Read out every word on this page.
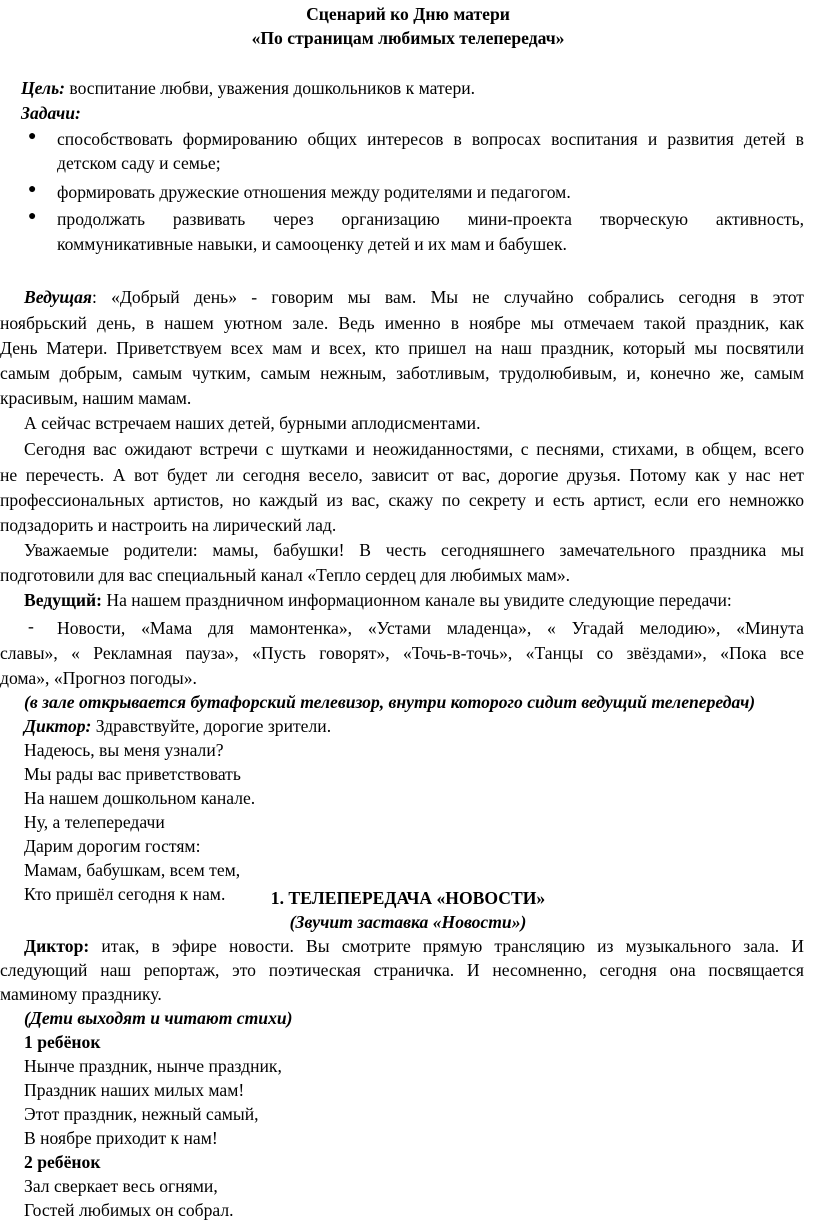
Сценарий ко Дню матери
«По страницам любимых телепередач»
Цель: воспитание любви, уважения дошкольников к матери.
Задачи:
● способствовать формированию общих интересов в вопросах воспитания и развития детей в
детском саду и семье;
● формировать дружеские отношения между родителями и педагогом.
● продолжать развивать через организацию мини-проекта творческую активность,
коммуникативные навыки, и самооценку детей и их мам и бабушек.
Ведущая: «Добрый день» - говорим мы вам. Мы не случайно собрались сегодня в этот
ноябрьский день, в нашем уютном зале. Ведь именно в ноябре мы отмечаем такой праздник, как
День Матери. Приветствуем всех мам и всех, кто пришел на наш праздник, который мы посвятили
самым добрым, самым чутким, самым нежным, заботливым, трудолюбивым, и, конечно же, самым
красивым, нашим мамам.
А сейчас встречаем наших детей, бурными аплодисментами.
Сегодня вас ожидают встречи с шутками и неожиданностями, с песнями, стихами, в общем, всего
не перечесть. А вот будет ли сегодня весело, зависит от вас, дорогие друзья. Потому как у нас нет
профессиональных артистов, но каждый из вас, скажу по секрету и есть артист, если его немножко
подзадорить и настроить на лирический лад.
Уважаемые родители: мамы, бабушки! В честь сегодняшнего замечательного праздника мы
подготовили для вас специальный канал «Тепло сердец для любимых мам».
Ведущий: На нашем праздничном информационном канале вы увидите следующие передачи:
- Новости, «Мама для мамонтенка», «Устами младенца», « Угадай мелодию», «Минута
славы», « Рекламная пауза», «Пусть говорят», «Точь-в-точь», «Танцы со звёздами», «Пока все
дома», «Прогноз погоды».
(в зале открывается бутафорский телевизор, внутри которого сидит ведущий телепередач)
Диктор: Здравствуйте, дорогие зрители.
Надеюсь, вы меня узнали?
Мы рады вас приветствовать
На нашем дошкольном канале.
Ну, а телепередачи
Дарим дорогим гостям:
Мамам, бабушкам, всем тем,
Кто пришёл сегодня к нам.	1. ТЕЛЕПЕРЕДАЧА «НОВОСТИ»
(Звучит заставка «Новости»)
Диктор: итак, в эфире новости. Вы смотрите прямую трансляцию из музыкального зала. И
следующий наш репортаж, это поэтическая страничка. И несомненно, сегодня она посвящается
маминому празднику.
(Дети выходят и читают стихи)
1 ребёнок
Нынче праздник, нынче праздник,
Праздник наших милых мам!
Этот праздник, нежный самый,
В ноябре приходит к нам!
2 ребёнок
Зал сверкает весь огнями,
Гостей любимых он собрал.
